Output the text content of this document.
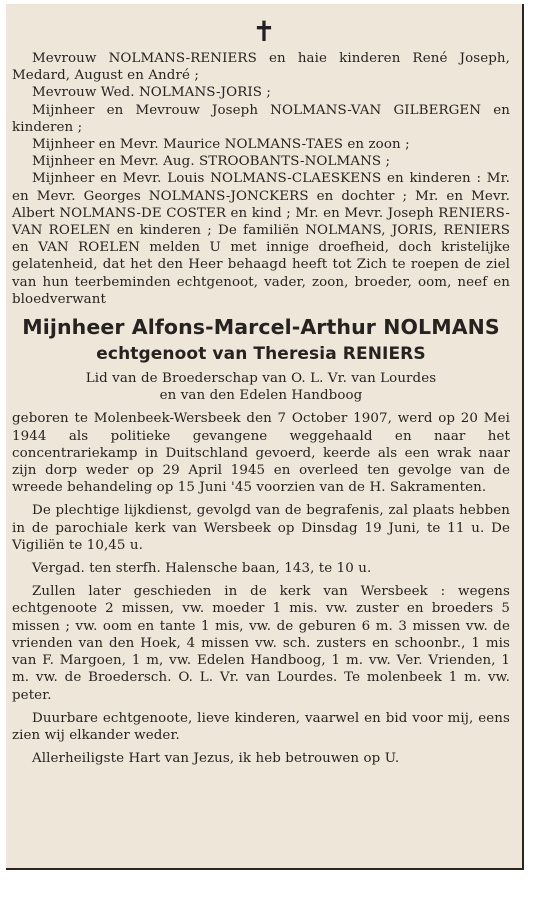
✝

Mevrouw NOLMANS-RENIERS en haie kinderen René Joseph, Medard, August en André ;

Mevrouw Wed. NOLMANS-JORIS ;

Mijnheer en Mevrouw Joseph NOLMANS-VAN GILBERGEN en kinderen ;

Mijnheer en Mevr. Maurice NOLMANS-TAES en zoon ;

Mijnheer en Mevr. Aug. STROOBANTS-NOLMANS ;

Mijnheer en Mevr. Louis NOLMANS-CLAESKENS en kinderen : Mr. en Mevr. Georges NOLMANS-JONCKERS en dochter ; Mr. en Mevr. Albert NOLMANS-DE COSTER en kind ; Mr. en Mevr. Joseph RENIERS-VAN ROELEN en kinderen ; De familiën NOLMANS, JORIS, RENIERS en VAN ROELEN melden U met innige droefheid, doch kristelijke gelatenheid, dat het den Heer behaagd heeft tot Zich te roepen de ziel van hun teerbeminden echtgenoot, vader, zoon, broeder, oom, neef en bloedverwant

Mijnheer Alfons-Marcel-Arthur NOLMANS
echtgenoot van Theresia RENIERS

Lid van de Broederschap van O. L. Vr. van Lourdes

en van den Edelen Handboog

geboren te Molenbeek-Wersbeek den 7 October 1907, werd op 20 Mei 1944 als politieke gevangene weggehaald en naar het concentrariekamp in Duitschland gevoerd, keerde als een wrak naar zijn dorp weder op 29 April 1945 en overleed ten gevolge van de wreede behandeling op 15 Juni '45 voorzien van de H. Sakramenten.

De plechtige lijkdienst, gevolgd van de begrafenis, zal plaats hebben in de parochiale kerk van Wersbeek op Dinsdag 19 Juni, te 11 u. De Vigiliën te 10,45 u.

Vergad. ten sterfh. Halensche baan, 143, te 10 u.

Zullen later geschieden in de kerk van Wersbeek : wegens echtgenoote 2 missen, vw. moeder 1 mis. vw. zuster en broeders 5 missen ; vw. oom en tante 1 mis, vw. de geburen 6 m. 3 missen vw. de vrienden van den Hoek, 4 missen vw. sch. zusters en schoonbr., 1 mis van F. Margoen, 1 m, vw. Edelen Handboog, 1 m. vw. Ver. Vrienden, 1 m. vw. de Broedersch. O. L. Vr. van Lourdes. Te molenbeek 1 m. vw. peter.

Duurbare echtgenoote, lieve kinderen, vaarwel en bid voor mij, eens zien wij elkander weder.

Allerheiligste Hart van Jezus, ik heb betrouwen op U.
